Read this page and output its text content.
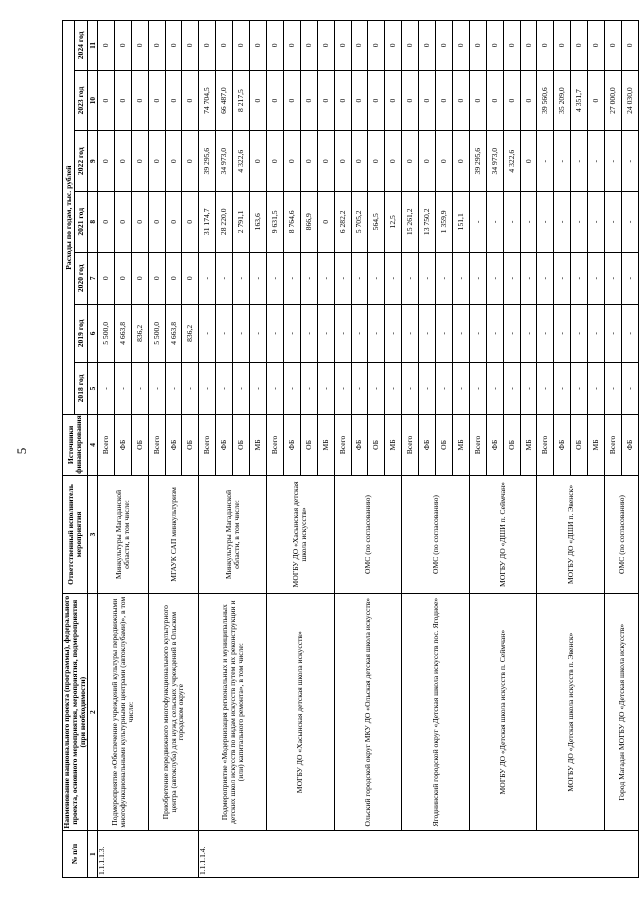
5
№ п/п	Наименование национального проекта (программы), федерального проекта, основного мероприятия, мероприятия, подмероприятия (при необходимости)	Ответственный исполнитель мероприятия	Источники финансирования	Расходы по годам, тыс. рублей						
				2018 год	2019 год	2020 год	2021 год	2022 год	2023 год	2024 год
1	2	3	4	5	6	7	8	9	10	11
1.1.1.1.3.	Подмероприятие «Обеспечение учреждений культуры передвижными многофункциональными культурными центрами (автоклубами)», в том числе:	Минкультуры Магаданской области, в том числе:	Всего	-	5 500,0	0	0	0	0	0
			ФБ	-	4 663,8	0	0	0	0	0
			ОБ	-	836,2	0	0	0	0	0
	Приобретение передвижного многофункционального культурного центра (автоклуба) для нужд сельских учреждений в Ольском городском округе	МГАУК САП минкультуризм	Всего	-	5 500,0	0	0	0	0	0
			ФБ	-	4 663,8	0	0	0	0	0
			ОБ	-	836,2	0	0	0	0	0
1.1.1.1.4.	Подмероприятие «Модернизация региональных и муниципальных детских школ искусств по видам искусств путем их реконструкции и (или) капитального ремонта», в том числе:	Минкультуры Магаданской области, в том числе:	Всего	-	-	-	31 174,7	39 295,6	74 704,5	0
			ФБ	-	-	-	28 220,0	34 973,0	66 487,0	0
			ОБ	-	-	-	2 791,1	4 322,6	8 217,5	0
			МБ	-	-	-	163,6	0	0	0
	МОГБУ ДО «Хасынская детская школа искусств»	МОГБУ ДО «Хасынская детская школа искусств»	Всего	-	-	-	9 631,5	0	0	0
			ФБ	-	-	-	8 764,6	0	0	0
			ОБ	-	-	-	866,9	0	0	0
			МБ	-	-	-	0	0	0	0
	Ольский городской округ МКУ ДО «Ольская детская школа искусств»	ОМС (по согласованию)	Всего	-	-	-	6 282,2	0	0	0
			ФБ	-	-	-	5 705,2	0	0	0
			ОБ	-	-	-	564,5	0	0	0
			МБ	-	-	-	12,5	0	0	0
	Ягоднинский городской округ «Детская школа искусств пос. Ягодное»	ОМС (по согласованию)	Всего	-	-	-	15 261,2	0	0	0
			ФБ	-	-	-	13 750,2	0	0	0
			ОБ	-	-	-	1 359,9	0	0	0
			МБ	-	-	-	151,1	0	0	0
	МОГБУ ДО «Детская школа искусств п. Сеймчан»	МОГБУ ДО «ДШИ п. Сеймчан»	Всего	-	-	-	-	39 295,6	0	0
			ФБ	-	-	-	-	34 973,0	0	0
			ОБ	-	-	-	-	4 322,6	0	0
			МБ	-	-	-	-	0	0	0
	МОГБУ ДО «Детская школа искусств п. Эвенск»	МОГБУ ДО «ДШИ п. Эвенск»	Всего	-	-	-	-	-	39 560,6	0
			ФБ	-	-	-	-	-	35 209,0	0
			ОБ	-	-	-	-	-	4 351,7	0
			МБ	-	-	-	-	-	0	0
	Город Магадан МОГБУ ДО «Детская школа искусств»	ОМС (по согласованию)	Всего	-	-	-	-	-	27 000,0	0
			ФБ	-	-	-	-	-	24 030,0	0
